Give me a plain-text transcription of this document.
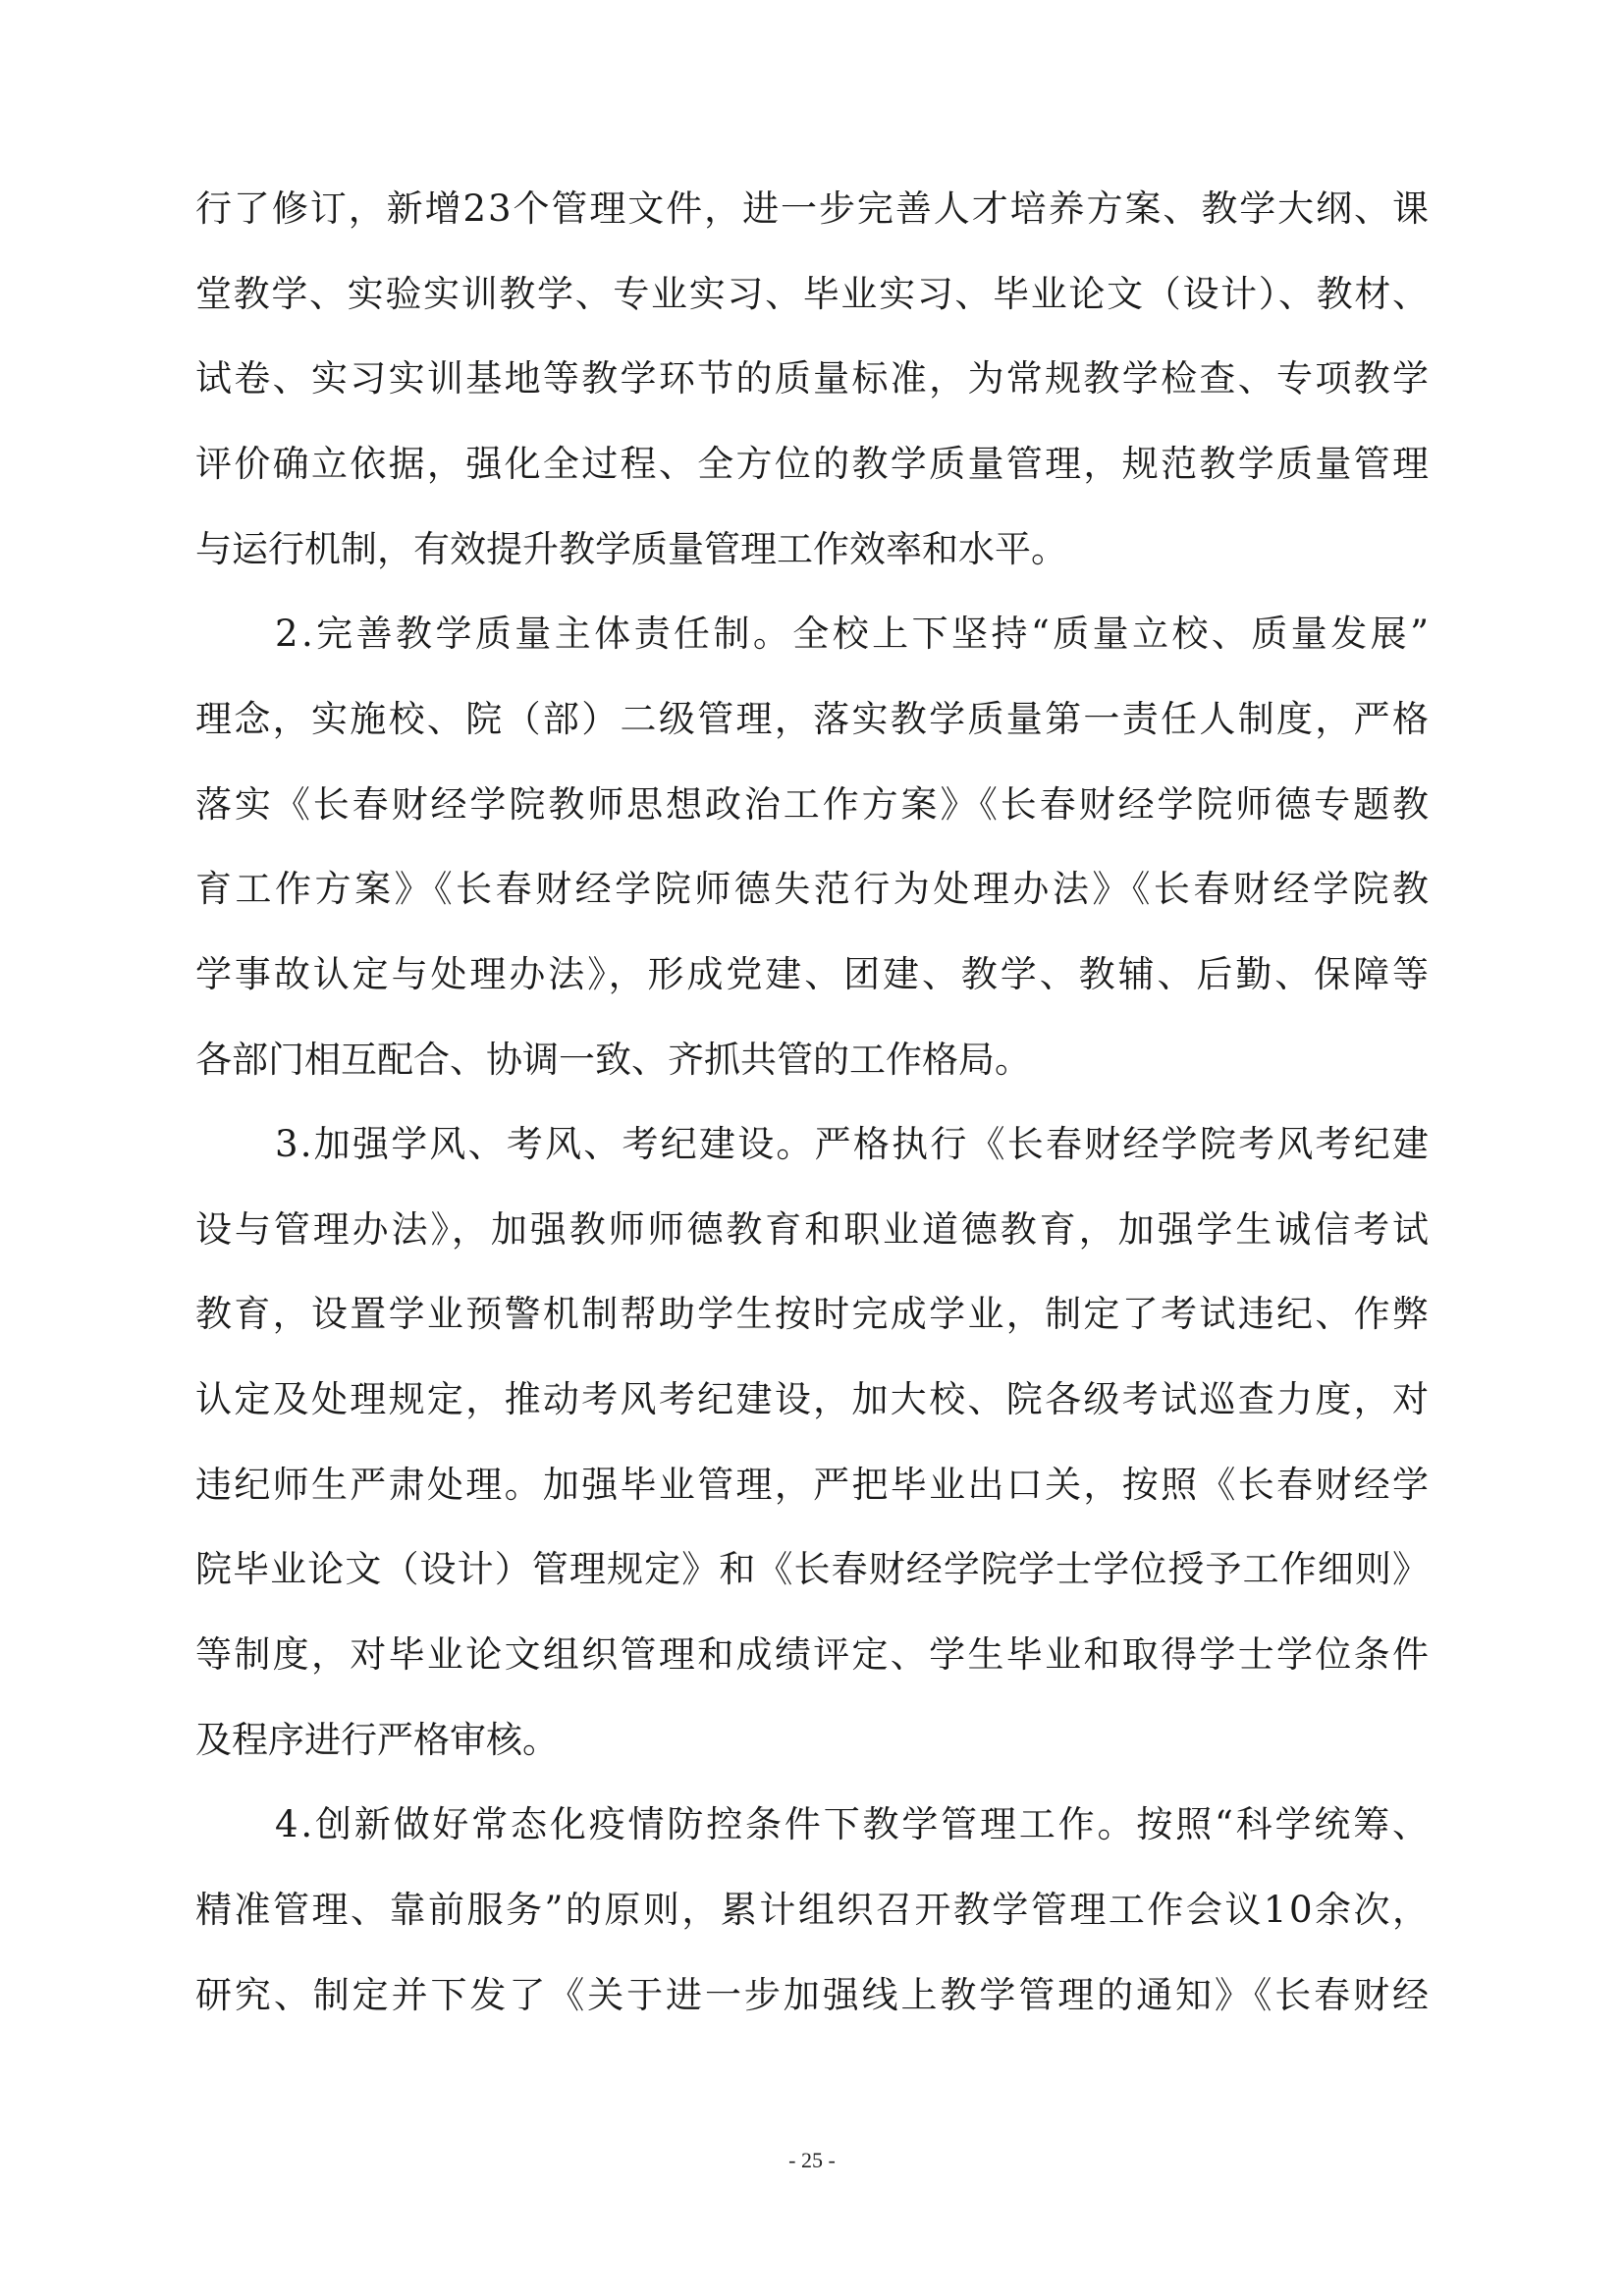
行了修订，新增23个管理文件，进一步完善人才培养方案、教学大纲、课
堂教学、实验实训教学、专业实习、毕业实习、毕业论文（设计）、教材、
试卷、实习实训基地等教学环节的质量标准，为常规教学检查、专项教学
评价确立依据，强化全过程、全方位的教学质量管理，规范教学质量管理
与运行机制，有效提升教学质量管理工作效率和水平。
2.完善教学质量主体责任制。全校上下坚持“质量立校、质量发展”
理念，实施校、院（部）二级管理，落实教学质量第一责任人制度，严格
落实《长春财经学院教师思想政治工作方案》《长春财经学院师德专题教
育工作方案》《长春财经学院师德失范行为处理办法》《长春财经学院教
学事故认定与处理办法》，形成党建、团建、教学、教辅、后勤、保障等
各部门相互配合、协调一致、齐抓共管的工作格局。
3.加强学风、考风、考纪建设。严格执行《长春财经学院考风考纪建
设与管理办法》，加强教师师德教育和职业道德教育，加强学生诚信考试
教育，设置学业预警机制帮助学生按时完成学业，制定了考试违纪、作弊
认定及处理规定，推动考风考纪建设，加大校、院各级考试巡查力度，对
违纪师生严肃处理。加强毕业管理，严把毕业出口关，按照《长春财经学
院毕业论文（设计）管理规定》和《长春财经学院学士学位授予工作细则》
等制度，对毕业论文组织管理和成绩评定、学生毕业和取得学士学位条件
及程序进行严格审核。
4.创新做好常态化疫情防控条件下教学管理工作。按照“科学统筹、
精准管理、靠前服务”的原则，累计组织召开教学管理工作会议10余次，
研究、制定并下发了《关于进一步加强线上教学管理的通知》《长春财经
- 25 -
